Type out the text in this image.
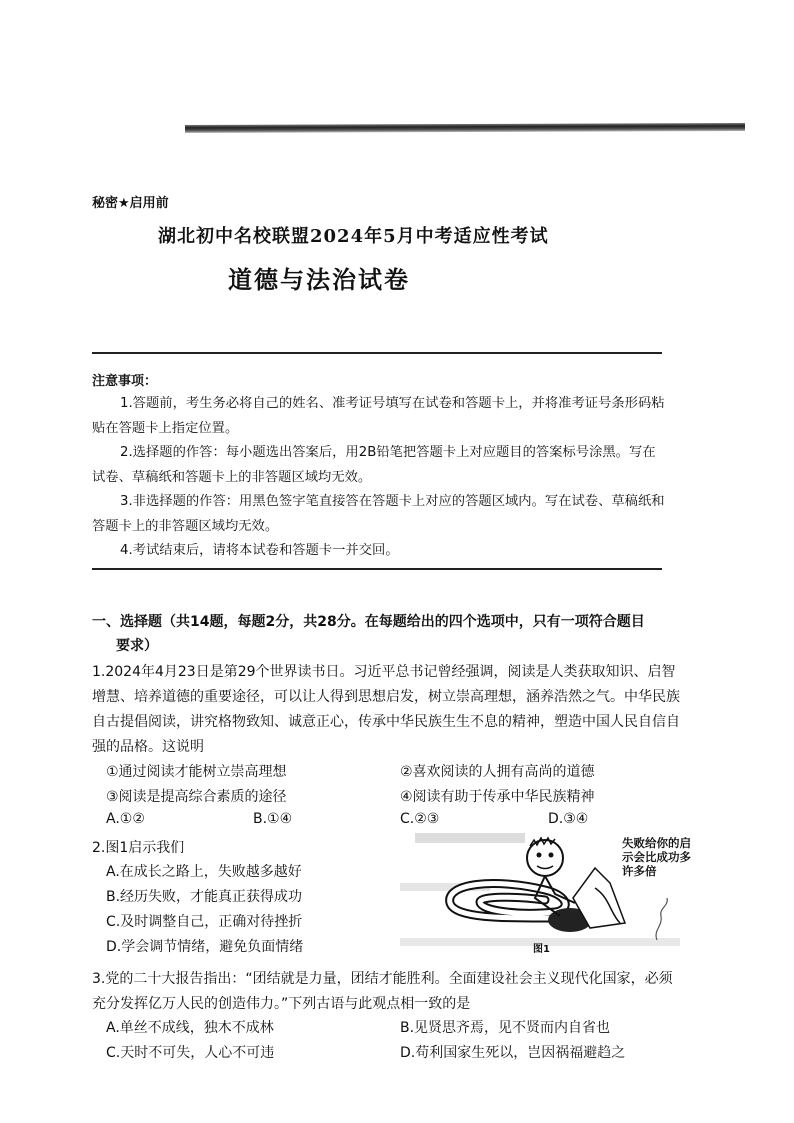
秘密★启用前
湖北初中名校联盟2024年5月中考适应性考试
道德与法治试卷
注意事项：

1.答题前，考生务必将自己的姓名、准考证号填写在试卷和答题卡上，并将准考证号条形码粘贴在答题卡上指定位置。

2.选择题的作答：每小题选出答案后，用2B铅笔把答题卡上对应题目的答案标号涂黑。写在试卷、草稿纸和答题卡上的非答题区域均无效。

3.非选择题的作答：用黑色签字笔直接答在答题卡上对应的答题区域内。写在试卷、草稿纸和答题卡上的非答题区域均无效。

4.考试结束后，请将本试卷和答题卡一并交回。

一、选择题（共14题，每题2分，共28分。在每题给出的四个选项中，只有一项符合题目
要求）
1.2024年4月23日是第29个世界读书日。习近平总书记曾经强调，阅读是人类获取知识、启智增慧、培养道德的重要途径，可以让人得到思想启发，树立崇高理想，涵养浩然之气。中华民族自古提倡阅读，讲究格物致知、诚意正心，传承中华民族生生不息的精神，塑造中国人民自信自强的品格。这说明
①通过阅读才能树立崇高理想	②喜欢阅读的人拥有高尚的道德
③阅读是提高综合素质的途径	④阅读有助于传承中华民族精神
A.①②	B.①④	C.②③	D.③④
2.图1启示我们
A.在成长之路上，失败越多越好
B.经历失败，才能真正获得成功
C.及时调整自己，正确对待挫折
D.学会调节情绪，避免负面情绪
失败给你的启示会比成功多许多倍
图1
3.党的二十大报告指出：“团结就是力量，团结才能胜利。全面建设社会主义现代化国家，必须充分发挥亿万人民的创造伟力。”下列古语与此观点相一致的是
A.单丝不成线，独木不成林	B.见贤思齐焉，见不贤而内自省也
C.天时不可失，人心不可违	D.苟利国家生死以，岂因祸福避趋之
